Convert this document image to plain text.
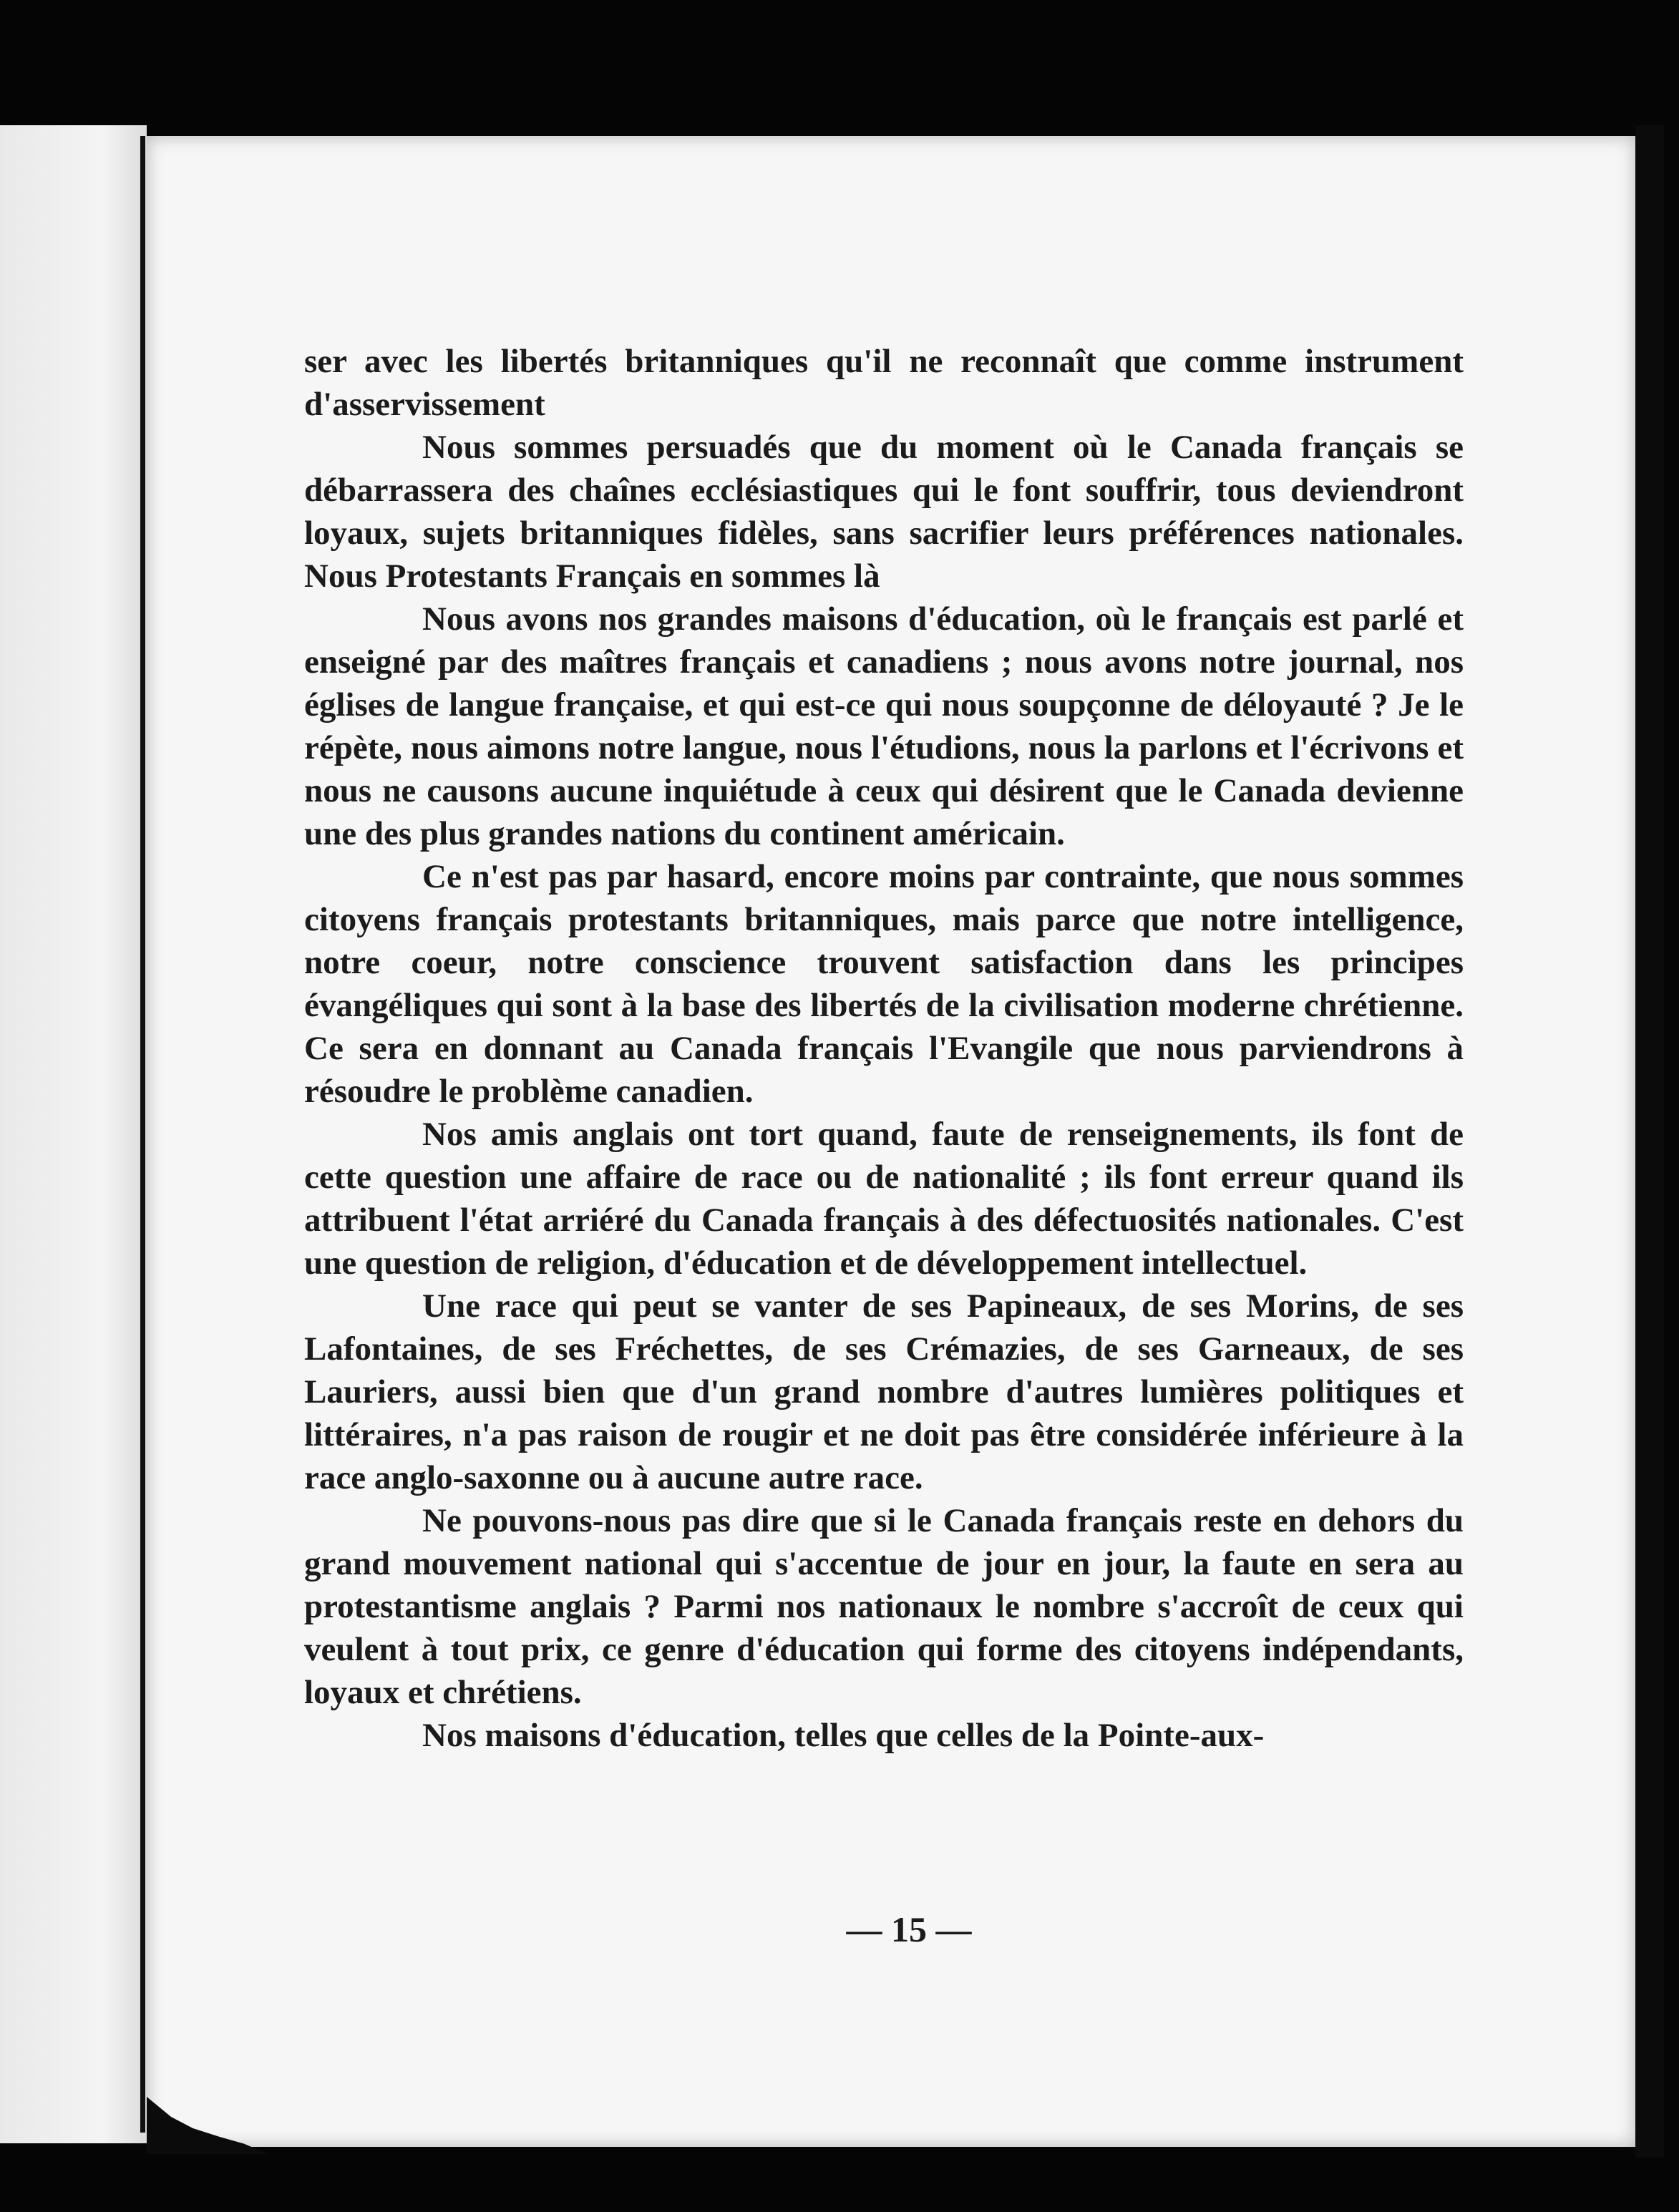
ser avec les libertés britanniques qu'il ne reconnaît que comme instrument d'asservissement

Nous sommes persuadés que du moment où le Canada français se débarrassera des chaînes ecclésiastiques qui le font souffrir, tous deviendront loyaux, sujets britanniques fidèles, sans sacrifier leurs préférences nationales. Nous Protestants Français en sommes là

Nous avons nos grandes maisons d'éducation, où le français est parlé et enseigné par des maîtres français et canadiens ; nous avons notre journal, nos églises de langue française, et qui est-ce qui nous soupçonne de déloyauté ? Je le répète, nous aimons notre langue, nous l'étudions, nous la parlons et l'écrivons et nous ne causons aucune inquiétude à ceux qui désirent que le Canada devienne une des plus grandes nations du continent américain.

Ce n'est pas par hasard, encore moins par contrainte, que nous sommes citoyens français protestants britanniques, mais parce que notre intelligence, notre coeur, notre conscience trouvent satisfaction dans les principes évangéliques qui sont à la base des libertés de la civilisation moderne chrétienne. Ce sera en donnant au Canada français l'Evangile que nous parviendrons à résoudre le problème canadien.

Nos amis anglais ont tort quand, faute de renseignements, ils font de cette question une affaire de race ou de nationalité ; ils font erreur quand ils attribuent l'état arriéré du Canada français à des défectuosités nationales. C'est une question de religion, d'éducation et de développement intellectuel.

Une race qui peut se vanter de ses Papineaux, de ses Morins, de ses Lafontaines, de ses Fréchettes, de ses Crémazies, de ses Garneaux, de ses Lauriers, aussi bien que d'un grand nombre d'autres lumières politiques et littéraires, n'a pas raison de rougir et ne doit pas être considérée inférieure à la race anglo-saxonne ou à aucune autre race.

Ne pouvons-nous pas dire que si le Canada français reste en dehors du grand mouvement national qui s'accentue de jour en jour, la faute en sera au protestantisme anglais ? Parmi nos nationaux le nombre s'accroît de ceux qui veulent à tout prix, ce genre d'éducation qui forme des citoyens indépendants, loyaux et chrétiens.

Nos maisons d'éducation, telles que celles de la Pointe-aux-

— 15 —
